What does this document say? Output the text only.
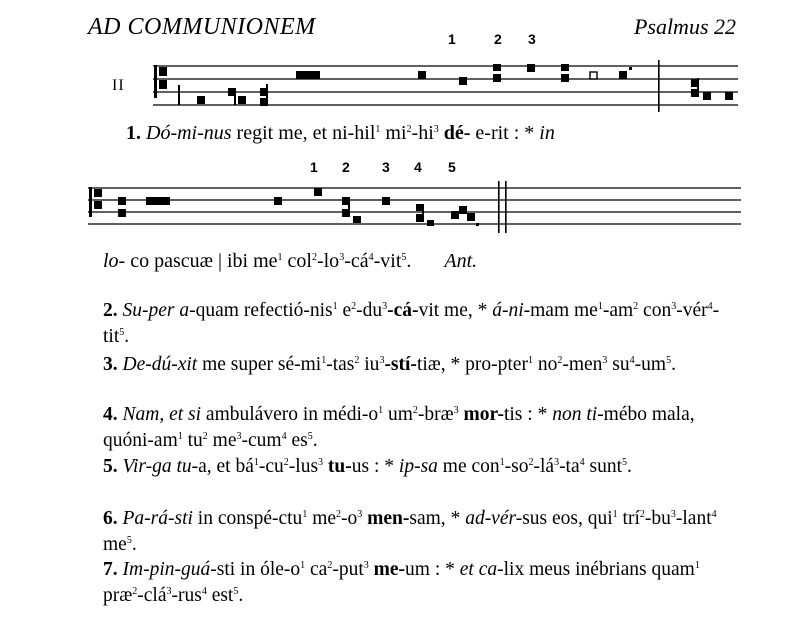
AD COMMUNIONEM	Psalmus 22
II
1	2 3
1. Dó-mi-nus regit me, et ni-hil$^1$ $mi^2-hi^3$ dé- e-rit : * in
1 2 3 4 5
lo- co pascuæ | ibi $me^1$ $col^2-lo^3-cá^4-vit^5$. Ant.
2. Su-per a-quam refectió-nis$^1$ $e^2-du^3-cá$-vit me, * á-ni-mam $me^1-am^2$ con$^3$-vér$^4$-tit$^5$.
3. De-dú-xit me super $sé-mi^1-tas^2$ $iu^3-stí$-tiæ, * pro-pter$^1$ $no^2-men^3$ $su^4-um^5$.
4. Nam, et si ambulávero in médi-$o^1$ $um^2-bræ^3$ mor-tis : * non ti-mébo mala, quóni-$am^1$ $tu^2$ $me^3-cum^4$ $es^5$.
5. Vir-ga tu-a, et $bá^1-cu^2-lus^3$ tu-us : * ip-sa me $con^1-so^2-lá^3-ta^4$ sunt$^5$.
6. Pa-rá-sti in conspé-ctu$^1$ $me^2-o^3$ men-sam, * ad-vér-sus eos, qui$^1$ $trí^2-bu^3-lant^4$ $me^5$.
7. Im-pin-guá-sti in óle-$o^1$ $ca^2-put^3$ me-um : * et ca-lix meus inébrians quam$^1$ præ$^2$-clá$^3$-rus$^4$ est$^5$.
